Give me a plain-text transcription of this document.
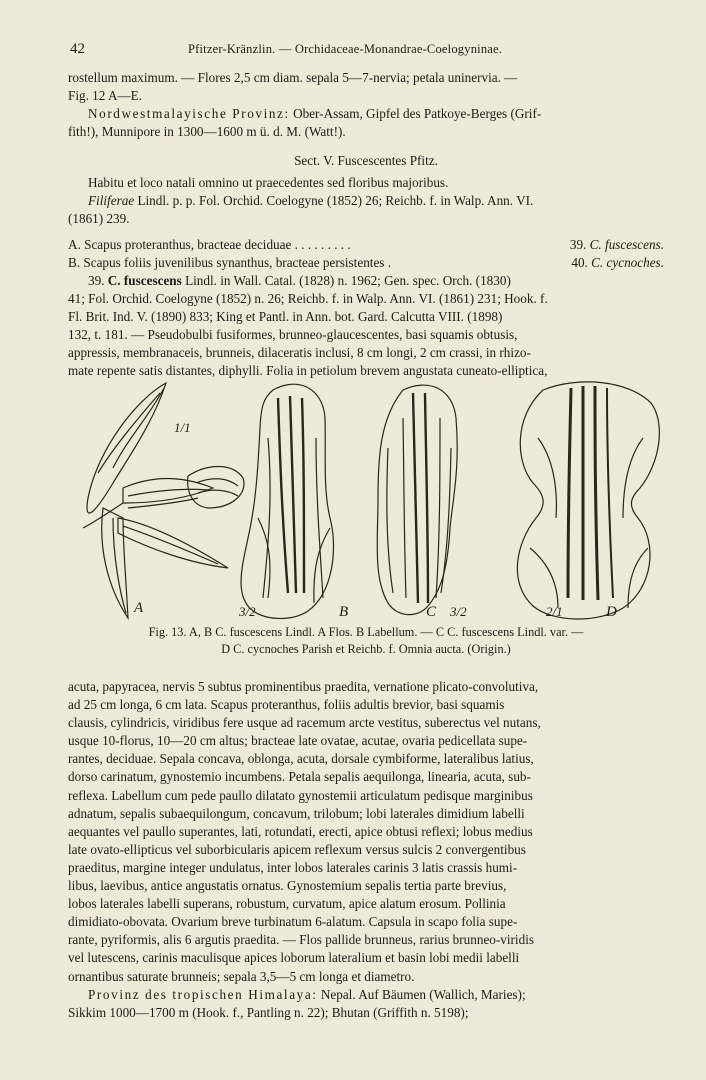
42	Pfitzer-Kränzlin. — Orchidaceae-Monandrae-Coelogyninae.

rostellum maximum. — Flores 2,5 cm diam. sepala 5—7-nervia; petala uninervia. —

Fig. 12 A—E.

Nordwestmalayische Provinz: Ober-Assam, Gipfel des Patkoye-Berges (Grif-

fith!), Munnipore in 1300—1600 m ü. d. M. (Watt!).

Sect. V. Fuscescentes Pfitz.

Habitu et loco natali omnino ut praecedentes sed floribus majoribus.

Filiferae Lindl. p. p. Fol. Orchid. Coelogyne (1852) 26; Reichb. f. in Walp. Ann. VI.

(1861) 239.

A. Scapus proteranthus, bracteae deciduae . . . . . . . . .	39. C. fuscescens.
B. Scapus foliis juvenilibus synanthus, bracteae persistentes .	40. C. cycnoches.

39. C. fuscescens Lindl. in Wall. Catal. (1828) n. 1962; Gen. spec. Orch. (1830)

41; Fol. Orchid. Coelogyne (1852) n. 26; Reichb. f. in Walp. Ann. VI. (1861) 231; Hook. f.

Fl. Brit. Ind. V. (1890) 833; King et Pantl. in Ann. bot. Gard. Calcutta VIII. (1898)

132, t. 181. — Pseudobulbi fusiformes, brunneo-glaucescentes, basi squamis obtusis,

appressis, membranaceis, brunneis, dilaceratis inclusi, 8 cm longi, 2 cm crassi, in rhizo-

mate repente satis distantes, diphylli. Folia in petiolum brevem angustata cuneato-elliptica,

1/1
A	3/2	B	C 3/2	2/1	D
Fig. 13. A, B C. fuscescens Lindl. A Flos. B Labellum. — C C. fuscescens Lindl. var. —
D C. cycnoches Parish et Reichb. f. Omnia aucta. (Origin.)

acuta, papyracea, nervis 5 subtus prominentibus praedita, vernatione plicato-convolutiva,

ad 25 cm longa, 6 cm lata. Scapus proteranthus, foliis adultis brevior, basi squamis

clausis, cylindricis, viridibus fere usque ad racemum arcte vestitus, suberectus vel nutans,

usque 10-florus, 10—20 cm altus; bracteae late ovatae, acutae, ovaria pedicellata supe-

rantes, deciduae. Sepala concava, oblonga, acuta, dorsale cymbiforme, lateralibus latius,

dorso carinatum, gynostemio incumbens. Petala sepalis aequilonga, linearia, acuta, sub-

reflexa. Labellum cum pede paullo dilatato gynostemii articulatum pedisque marginibus

adnatum, sepalis subaequilongum, concavum, trilobum; lobi laterales dimidium labelli

aequantes vel paullo superantes, lati, rotundati, erecti, apice obtusi reflexi; lobus medius

late ovato-ellipticus vel suborbicularis apicem reflexum versus sulcis 2 convergentibus

praeditus, margine integer undulatus, inter lobos laterales carinis 3 latis crassis humi-

libus, laevibus, antice angustatis ornatus. Gynostemium sepalis tertia parte brevius,

lobos laterales labelli superans, robustum, curvatum, apice alatum erosum. Pollinia

dimidiato-obovata. Ovarium breve turbinatum 6-alatum. Capsula in scapo folia supe-

rante, pyriformis, alis 6 argutis praedita. — Flos pallide brunneus, rarius brunneo-viridis

vel lutescens, carinis maculisque apices loborum lateralium et basin lobi medii labelli

ornantibus saturate brunneis; sepala 3,5—5 cm longa et diametro.

Provinz des tropischen Himalaya: Nepal. Auf Bäumen (Wallich, Maries);

Sikkim 1000—1700 m (Hook. f., Pantling n. 22); Bhutan (Griffith n. 5198);
